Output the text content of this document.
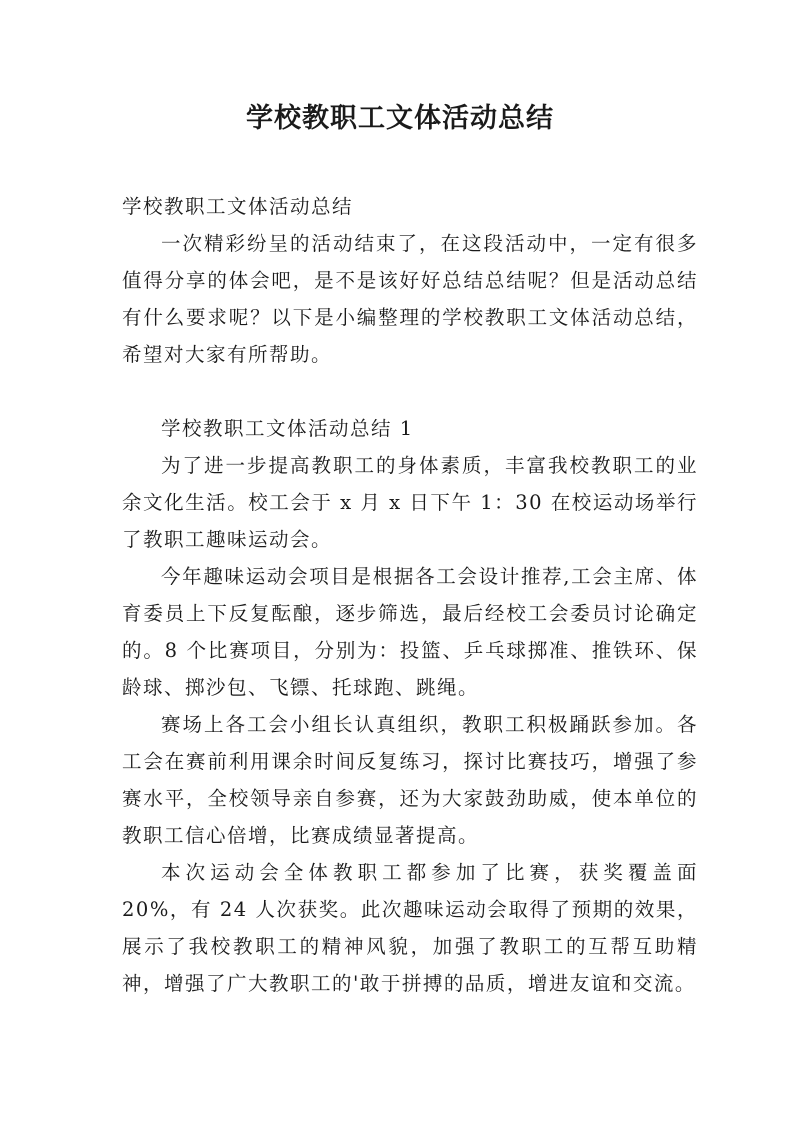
学校教职工文体活动总结

学校教职工文体活动总结

一次精彩纷呈的活动结束了，在这段活动中，一定有很多值得分享的体会吧，是不是该好好总结总结呢？但是活动总结有什么要求呢？以下是小编整理的学校教职工文体活动总结，希望对大家有所帮助。

学校教职工文体活动总结 1

为了进一步提高教职工的身体素质，丰富我校教职工的业余文化生活。校工会于 x 月 x 日下午 1：30 在校运动场举行了教职工趣味运动会。

今年趣味运动会项目是根据各工会设计推荐,工会主席、体育委员上下反复酝酿，逐步筛选，最后经校工会委员讨论确定的。8 个比赛项目，分别为：投篮、乒乓球掷准、推铁环、保龄球、掷沙包、飞镖、托球跑、跳绳。

赛场上各工会小组长认真组织，教职工积极踊跃参加。各工会在赛前利用课余时间反复练习，探讨比赛技巧，增强了参赛水平，全校领导亲自参赛，还为大家鼓劲助威，使本单位的教职工信心倍增，比赛成绩显著提高。

本次运动会全体教职工都参加了比赛，获奖覆盖面 20%，有 24 人次获奖。此次趣味运动会取得了预期的效果，展示了我校教职工的精神风貌，加强了教职工的互帮互助精神，增强了广大教职工的'敢于拼搏的品质，增进友谊和交流。
